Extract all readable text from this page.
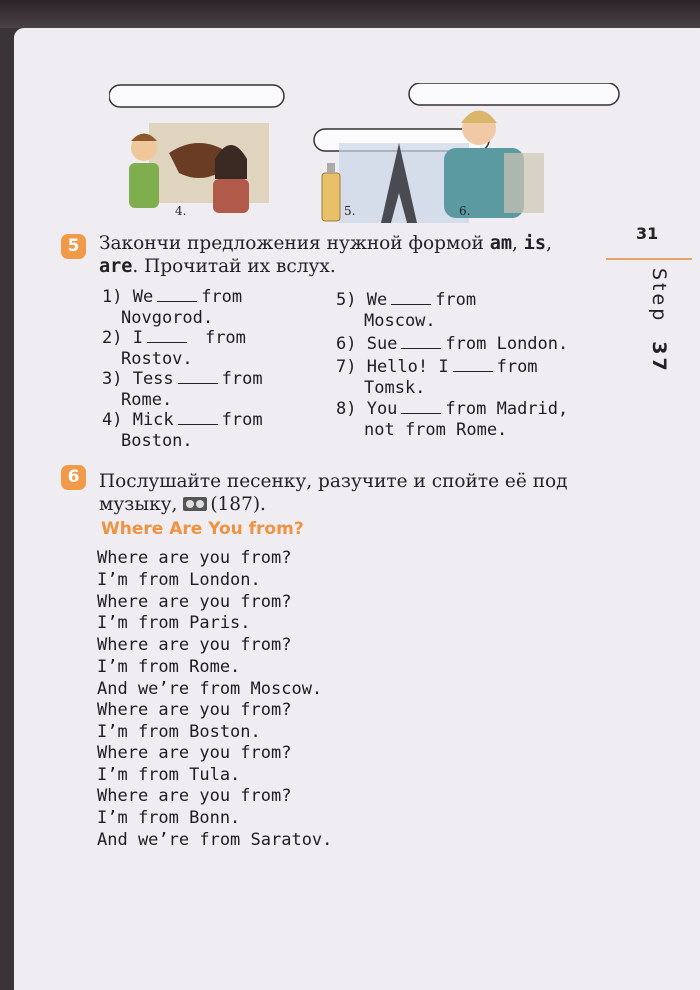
4.	5.	6.
31
Step37
5	Закончи предложения нужной формой am, is,
are. Прочитай их вслух.
1) We	from
Novgorod.
2) I	from
Rostov.
3) Tess	from
Rome.
4) Mick	from
Boston.
5) We	from
Moscow.
6) Sue	from London.
7) Hello! I	from
Tomsk.
8) You	from Madrid,
not from Rome.
6	Послушайте песенку, разучите и спойте её под
музыку, (187).
Where Are You from?
Where are you from?
I’m from London.
Where are you from?
I’m from Paris.
Where are you from?
I’m from Rome.
And we’re from Moscow.
Where are you from?
I’m from Boston.
Where are you from?
I’m from Tula.
Where are you from?
I’m from Bonn.
And we’re from Saratov.
